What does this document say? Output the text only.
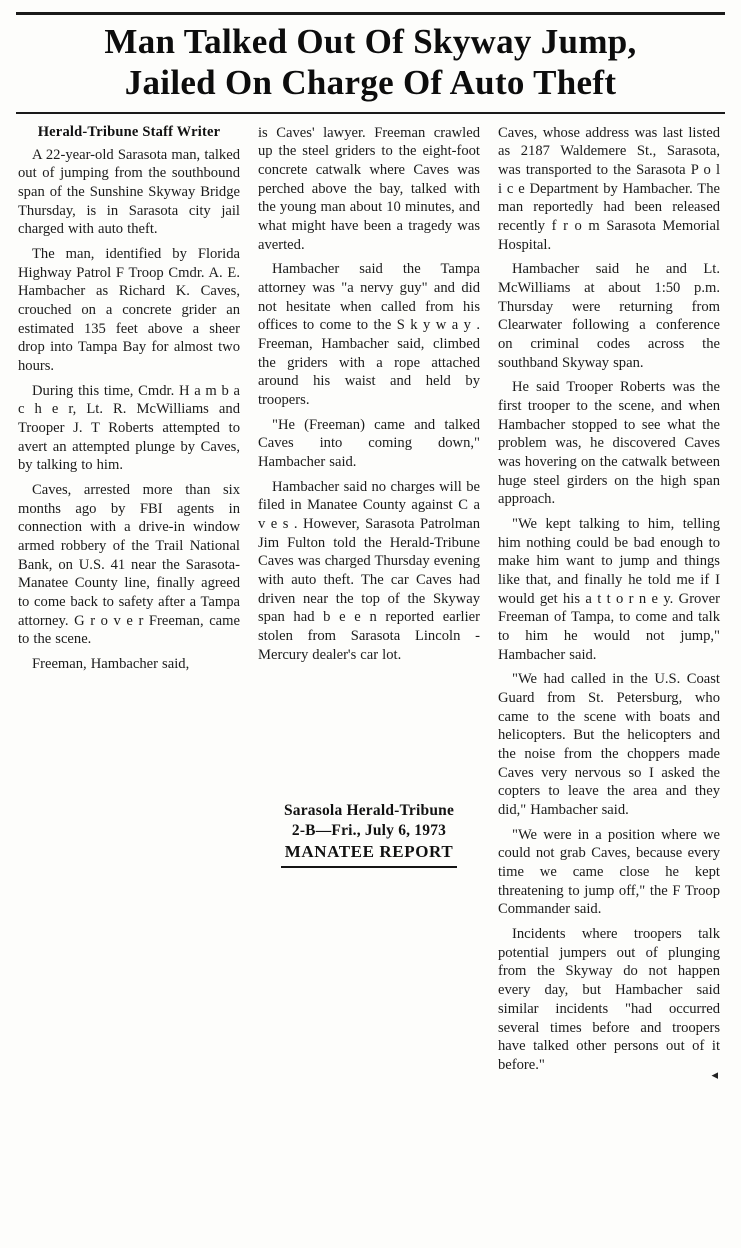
Man Talked Out Of Skyway Jump,
Jailed On Charge Of Auto Theft
Herald-Tribune Staff Writer

A 22-year-old Sarasota man, talked out of jumping from the southbound span of the Sunshine Skyway Bridge Thursday, is in Sarasota city jail charged with auto theft.

The man, identified by Florida Highway Patrol F Troop Cmdr. A. E. Hambacher as Richard K. Caves, crouched on a concrete grider an estimated 135 feet above a sheer drop into Tampa Bay for almost two hours.

During this time, Cmdr. H a m b a c h e r, Lt. R. McWilliams and Trooper J. T Roberts attempted to avert an attempted plunge by Caves, by talking to him.

Caves, arrested more than six months ago by FBI agents in connection with a drive-in window armed robbery of the Trail National Bank, on U.S. 41 near the Sarasota-Manatee County line, finally agreed to come back to safety after a Tampa attorney. G r o v e r Freeman, came to the scene.

Freeman, Hambacher said,

is Caves' lawyer. Freeman crawled up the steel griders to the eight-foot concrete catwalk where Caves was perched above the bay, talked with the young man about 10 minutes, and what might have been a tragedy was averted.

Hambacher said the Tampa attorney was "a nervy guy" and did not hesitate when called from his offices to come to the S k y w a y . Freeman, Hambacher said, climbed the griders with a rope attached around his waist and held by troopers.

"He (Freeman) came and talked Caves into coming down," Hambacher said.

Hambacher said no charges will be filed in Manatee County against C a v e s . However, Sarasota Patrolman Jim Fulton told the Herald-Tribune Caves was charged Thursday evening with auto theft. The car Caves had driven near the top of the Skyway span had b e e n reported earlier stolen from Sarasota Lincoln - Mercury dealer's car lot.

Sarasola Herald-Tribune
2-B—Fri., July 6, 1973
MANATEE REPORT

Caves, whose address was last listed as 2187 Waldemere St., Sarasota, was transported to the Sarasota P o l i c e Department by Hambacher. The man reportedly had been released recently f r o m Sarasota Memorial Hospital.

Hambacher said he and Lt. McWilliams at about 1:50 p.m. Thursday were returning from Clearwater following a conference on criminal codes across the southband Skyway span.

He said Trooper Roberts was the first trooper to the scene, and when Hambacher stopped to see what the problem was, he discovered Caves was hovering on the catwalk between huge steel girders on the high span approach.

"We kept talking to him, telling him nothing could be bad enough to make him want to jump and things like that, and finally he told me if I would get his a t t o r n e y. Grover Freeman of Tampa, to come and talk to him he would not jump," Hambacher said.

"We had called in the U.S. Coast Guard from St. Petersburg, who came to the scene with boats and helicopters. But the helicopters and the noise from the choppers made Caves very nervous so I asked the copters to leave the area and they did," Hambacher said.

"We were in a position where we could not grab Caves, because every time we came close he kept threatening to jump off," the F Troop Commander said.

Incidents where troopers talk potential jumpers out of plunging from the Skyway do not happen every day, but Hambacher said similar incidents "had occurred several times before and troopers have talked other persons out of it before."

◂
